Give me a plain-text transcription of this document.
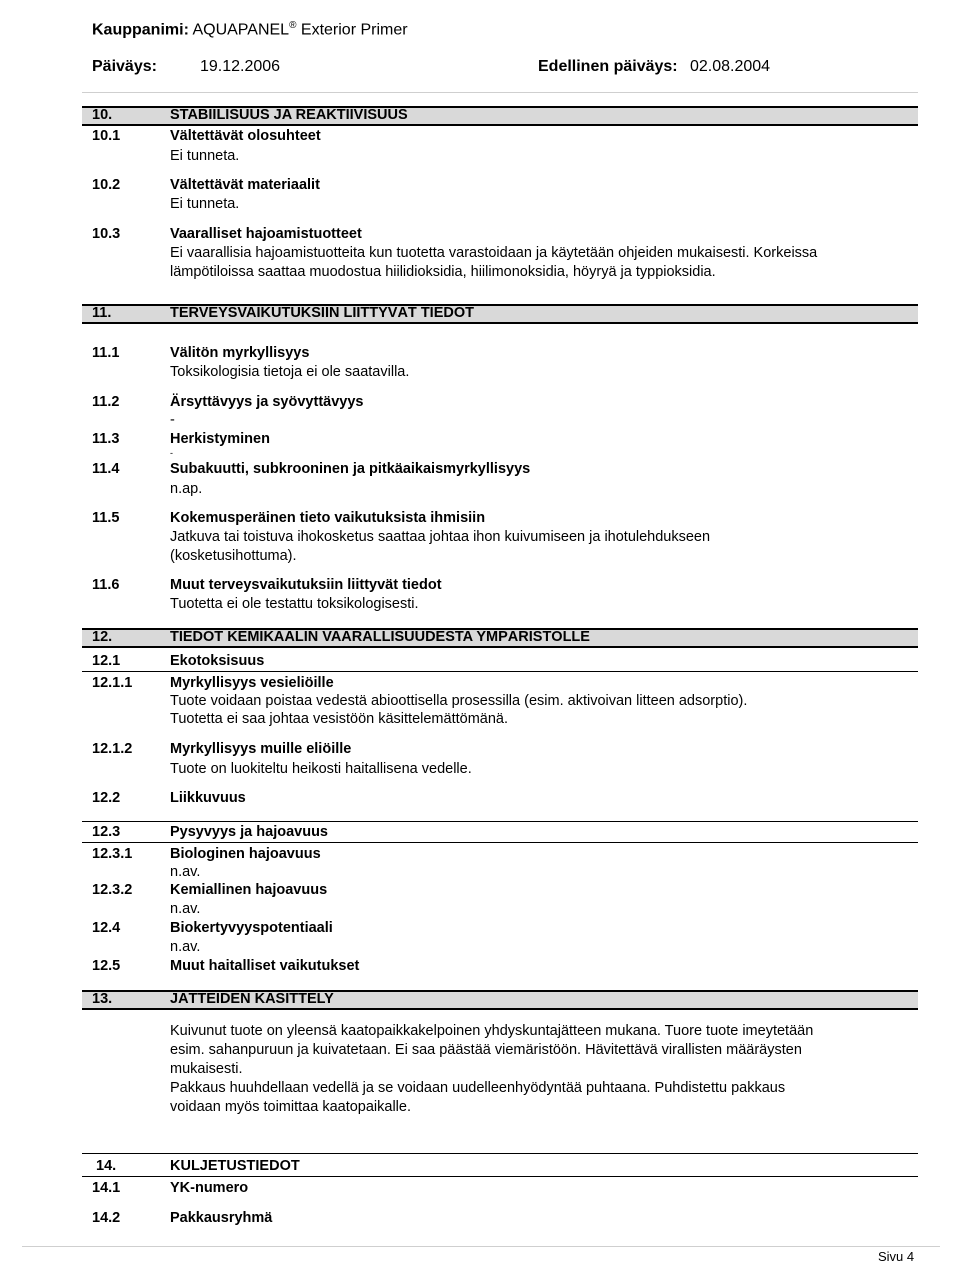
Kauppanimi: AQUAPANEL® Exterior Primer
Päiväys:	19.12.2006	Edellinen päiväys: 02.08.2004
10.	STABIILISUUS JA REAKTIIVISUUS
10.1	Vältettävät olosuhteet
Ei tunneta.
10.2	Vältettävät materiaalit
Ei tunneta.
10.3	Vaaralliset hajoamistuotteet
Ei vaarallisia hajoamistuotteita kun tuotetta varastoidaan ja käytetään ohjeiden mukaisesti. Korkeissa
lämpötiloissa saattaa muodostua hiilidioksidia, hiilimonoksidia, höyryä ja typpioksidia.
11.	TERVEYSVAIKUTUKSIIN LIITTYVÄT TIEDOT
11.1	Välitön myrkyllisyys
Toksikologisia tietoja ei ole saatavilla.
11.2	Ärsyttävyys ja syövyttävyys
-
11.3	Herkistyminen
-
11.4	Subakuutti, subkrooninen ja pitkäaikaismyrkyllisyys
n.ap.
11.5	Kokemusperäinen tieto vaikutuksista ihmisiin
Jatkuva tai toistuva ihokosketus saattaa johtaa ihon kuivumiseen ja ihotulehdukseen
(kosketusihottuma).
11.6	Muut terveysvaikutuksiin liittyvät tiedot
Tuotetta ei ole testattu toksikologisesti.
12.	TIEDOT KEMIKAALIN VAARALLISUUDESTA YMPÄRISTÖLLE
12.1	Ekotoksisuus
12.1.1	Myrkyllisyys vesieliöille
Tuote voidaan poistaa vedestä abioottisella prosessilla (esim. aktivoivan litteen adsorptio).
Tuotetta ei saa johtaa vesistöön käsittelemättömänä.
12.1.2	Myrkyllisyys muille eliöille
Tuote on luokiteltu heikosti haitallisena vedelle.
12.2	Liikkuvuus
12.3	Pysyvyys ja hajoavuus
12.3.1	Biologinen hajoavuus
n.av.
12.3.2	Kemiallinen hajoavuus
n.av.
12.4	Biokertyvyyspotentiaali
n.av.
12.5	Muut haitalliset vaikutukset
13.	JÄTTEIDEN KÄSITTELY
Kuivunut tuote on yleensä kaatopaikkakelpoinen yhdyskuntajätteen mukana. Tuore tuote imeytetään
esim. sahanpuruun ja kuivatetaan. Ei saa päästää viemäristöön. Hävitettävä virallisten määräysten
mukaisesti.
Pakkaus huuhdellaan vedellä ja se voidaan uudelleenhyödyntää puhtaana. Puhdistettu pakkaus
voidaan myös toimittaa kaatopaikalle.
14.	KULJETUSTIEDOT
14.1	YK-numero
14.2	Pakkausryhmä
Sivu 4
